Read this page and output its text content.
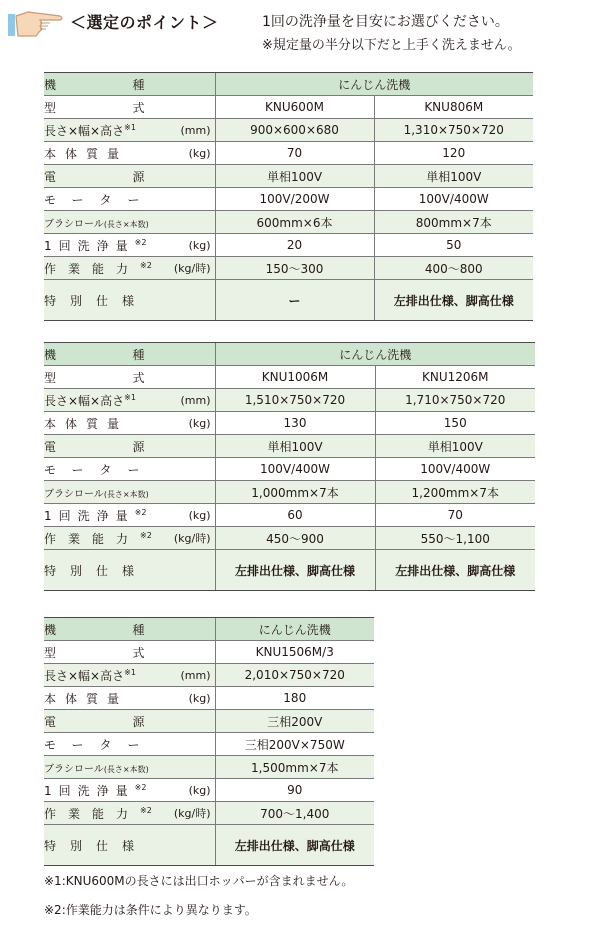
＜選定のポイント＞	1回の洗浄量を目安にお選びください。
※規定量の半分以下だと上手く洗えません。
機 種	にんじん洗機	

型 式	KNU600M	KNU806M

長さ×幅×高さ$^{※1}$ (mm)	900×600×680	1,310×750×720

本体質量 (kg)	70	120

電 源	単相100V	単相100V

モーター	100V/200W	100V/400W
ブラシロール(長さ×本数)	600mm×6本	800mm×7本

1回洗浄量$^{※2}$ (kg)	20	50

作業能力$^{※2}$ (kg/時)	150～300	400～800
特別仕様	ー	左排出仕様、脚高仕様
機 種	にんじん洗機	

型 式	KNU1006M	KNU1206M

長さ×幅×高さ$^{※1}$ (mm)	1,510×750×720	1,710×750×720

本体質量 (kg)	130	150

電 源	単相100V	単相100V

モーター	100V/400W	100V/400W
ブラシロール(長さ×本数)	1,000mm×7本	1,200mm×7本

1回洗浄量$^{※2}$ (kg)	60	70

作業能力$^{※2}$ (kg/時)	450～900	550～1,100
特別仕様	左排出仕様、脚高仕様	左排出仕様、脚高仕様
機 種	にんじん洗機

型 式	KNU1506M/3

長さ×幅×高さ$^{※1}$ (mm)	2,010×750×720

本体質量 (kg)	180

電 源	三相200V

モーター	三相200V×750W
ブラシロール(長さ×本数)	1,500mm×7本

1回洗浄量$^{※2}$ (kg)	90

作業能力$^{※2}$ (kg/時)	700～1,400
特別仕様	左排出仕様、脚高仕様
※1:KNU600Mの長さには出口ホッパーが含まれません。
※2:作業能力は条件により異なります。
